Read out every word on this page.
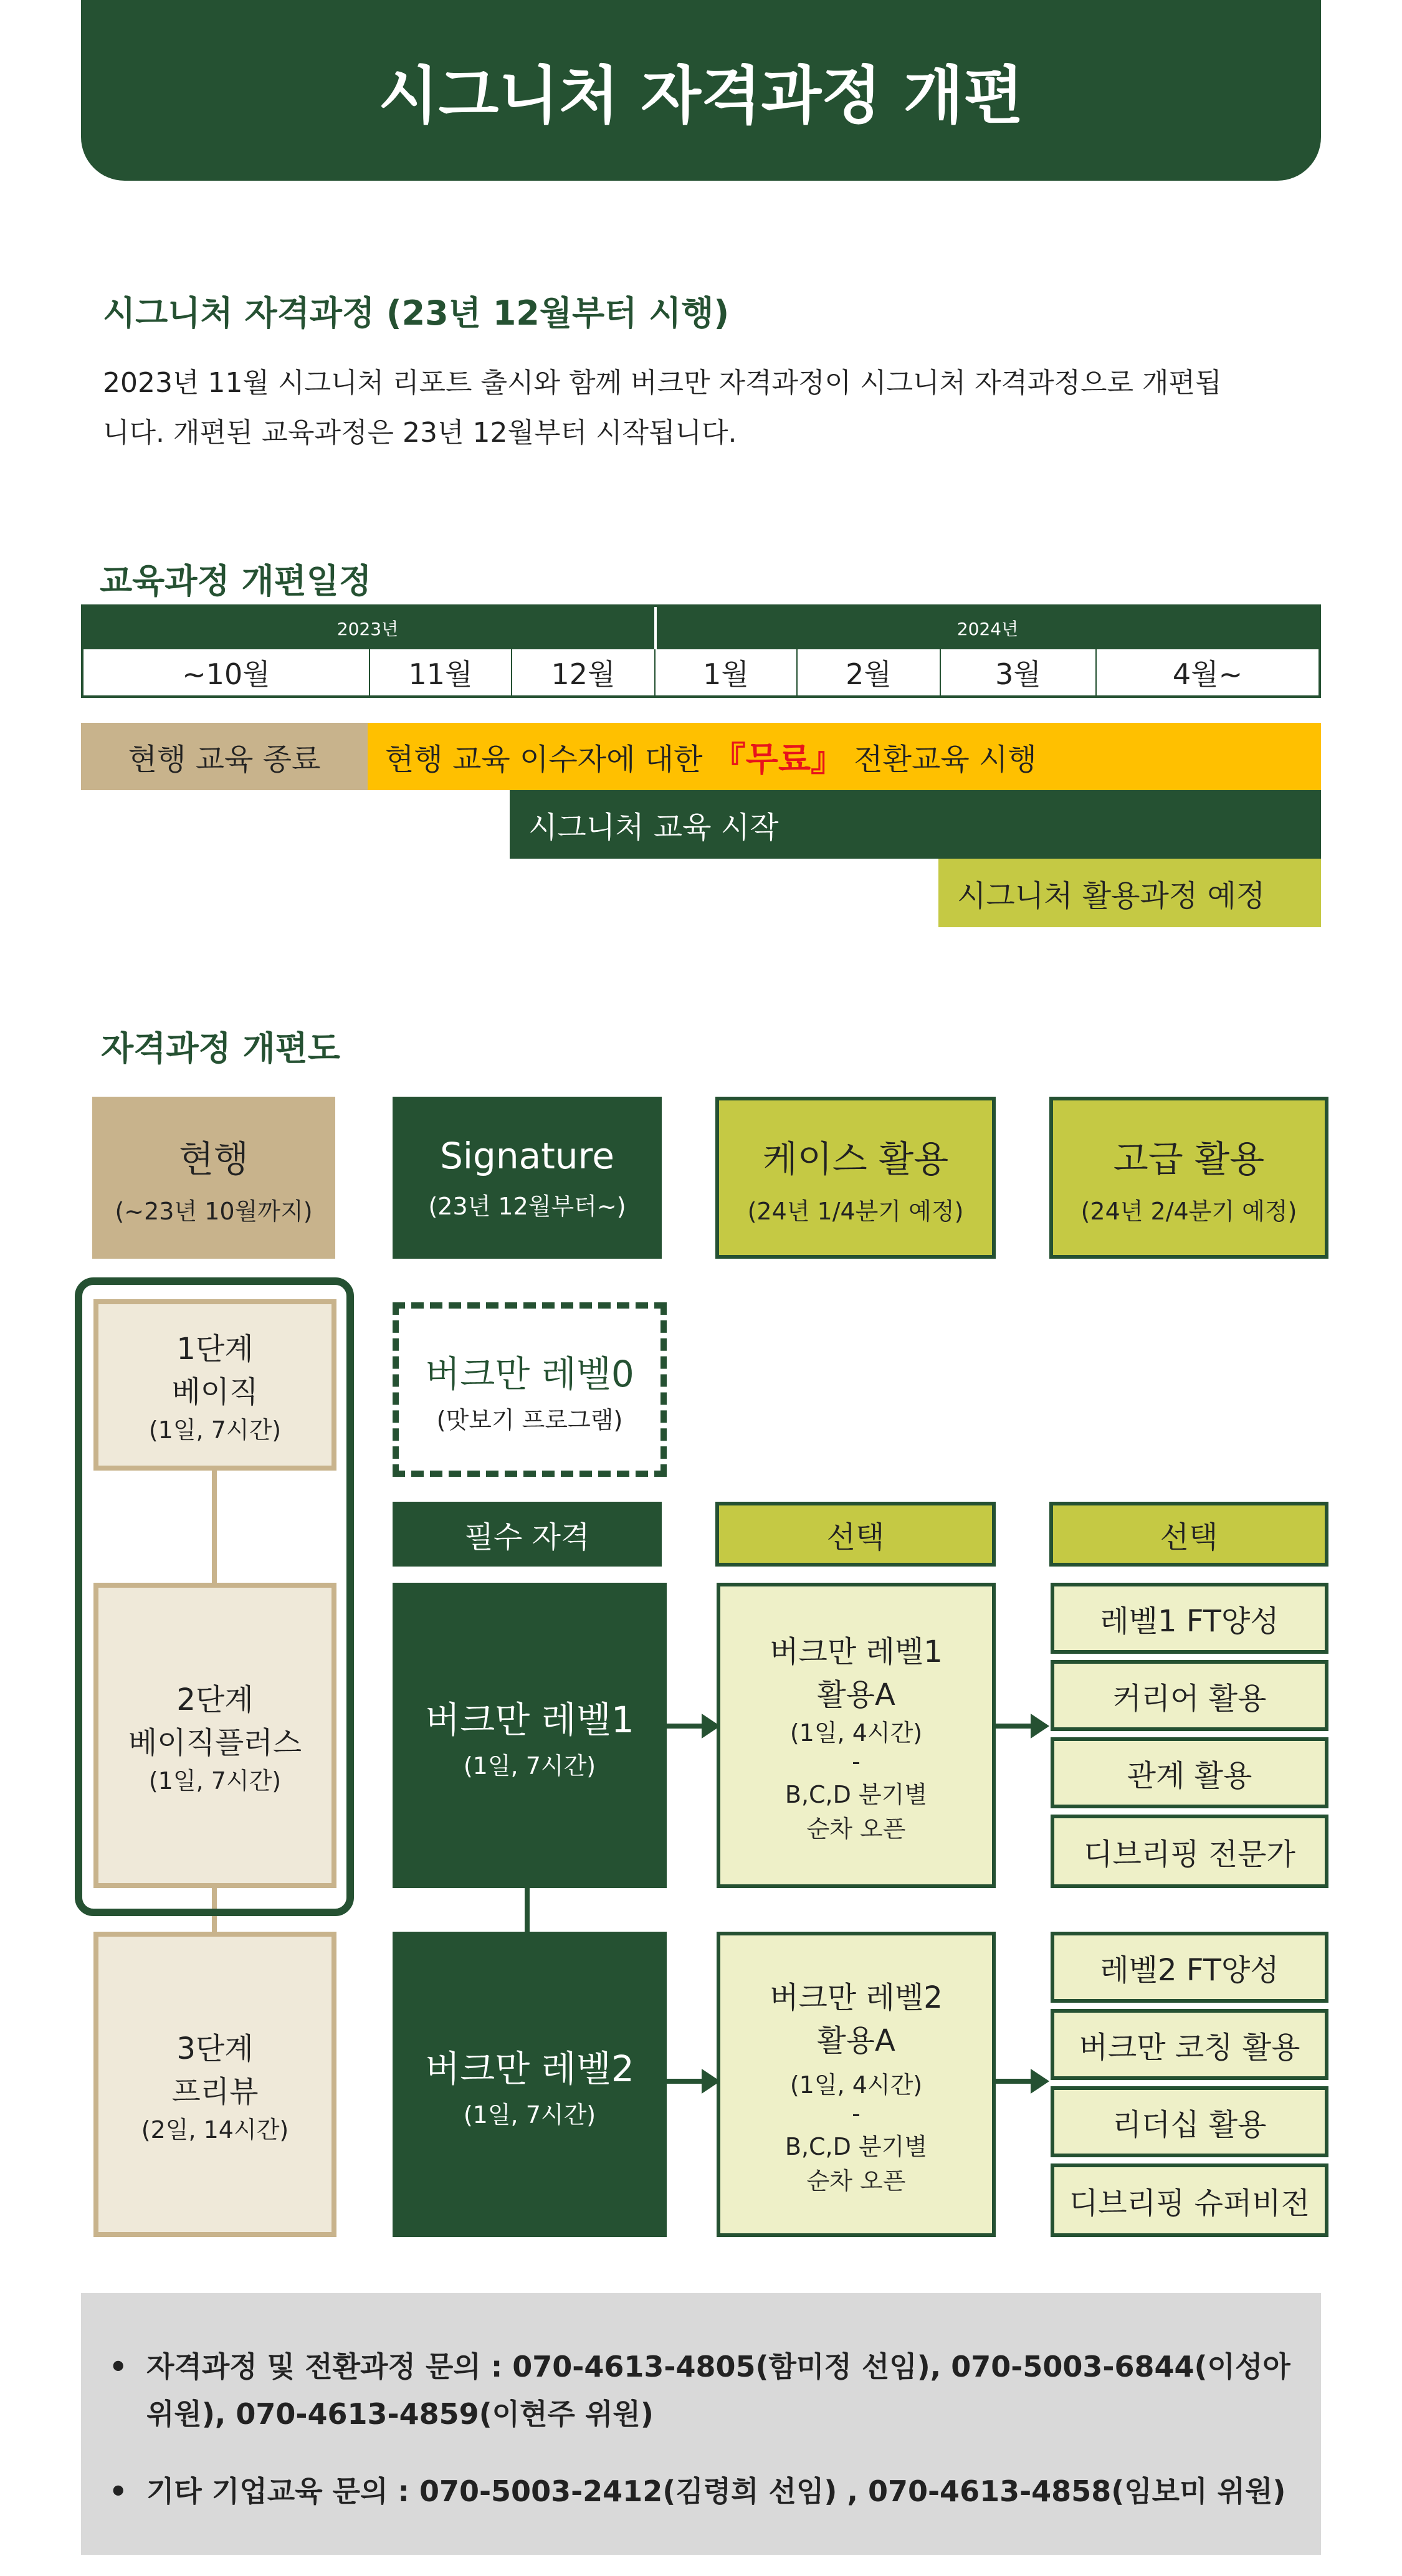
시그니처 자격과정 개편
시그니처 자격과정 (23년 12월부터 시행)
2023년 11월 시그니처 리포트 출시와 함께 버크만 자격과정이 시그니처 자격과정으로 개편됩
니다. 개편된 교육과정은 23년 12월부터 시작됩니다.
교육과정 개편일정
2023년	2024년
~10월	11월	12월	1월	2월	3월	4월~
현행 교육 종료	현행 교육 이수자에 대한 『무료』 전환교육 시행
시그니처 교육 시작
시그니처 활용과정 예정
자격과정 개편도
현행
(~23년 10월까지)
Signature
(23년 12월부터~)
케이스 활용
(24년 1/4분기 예정)
고급 활용
(24년 2/4분기 예정)
1단계
베이직
(1일, 7시간)
2단계
베이직플러스
(1일, 7시간)
3단계
프리뷰
(2일, 14시간)
버크만 레벨0
(맛보기 프로그램)
필수 자격	선택	선택
버크만 레벨1
(1일, 7시간)
버크만 레벨2
(1일, 7시간)
버크만 레벨1
활용A
(1일, 4시간)
-
B,C,D 분기별
순차 오픈
버크만 레벨2
활용A
(1일, 4시간)
-
B,C,D 분기별
순차 오픈
레벨1 FT양성
커리어 활용
관계 활용
디브리핑 전문가
레벨2 FT양성
버크만 코칭 활용
리더십 활용
디브리핑 슈퍼비전
• 자격과정 및 전환과정 문의 : 070-4613-4805(함미정 선임), 070-5003-6844(이성아
위원), 070-4613-4859(이현주 위원)
• 기타 기업교육 문의 : 070-5003-2412(김령희 선임) , 070-4613-4858(임보미 위원)
